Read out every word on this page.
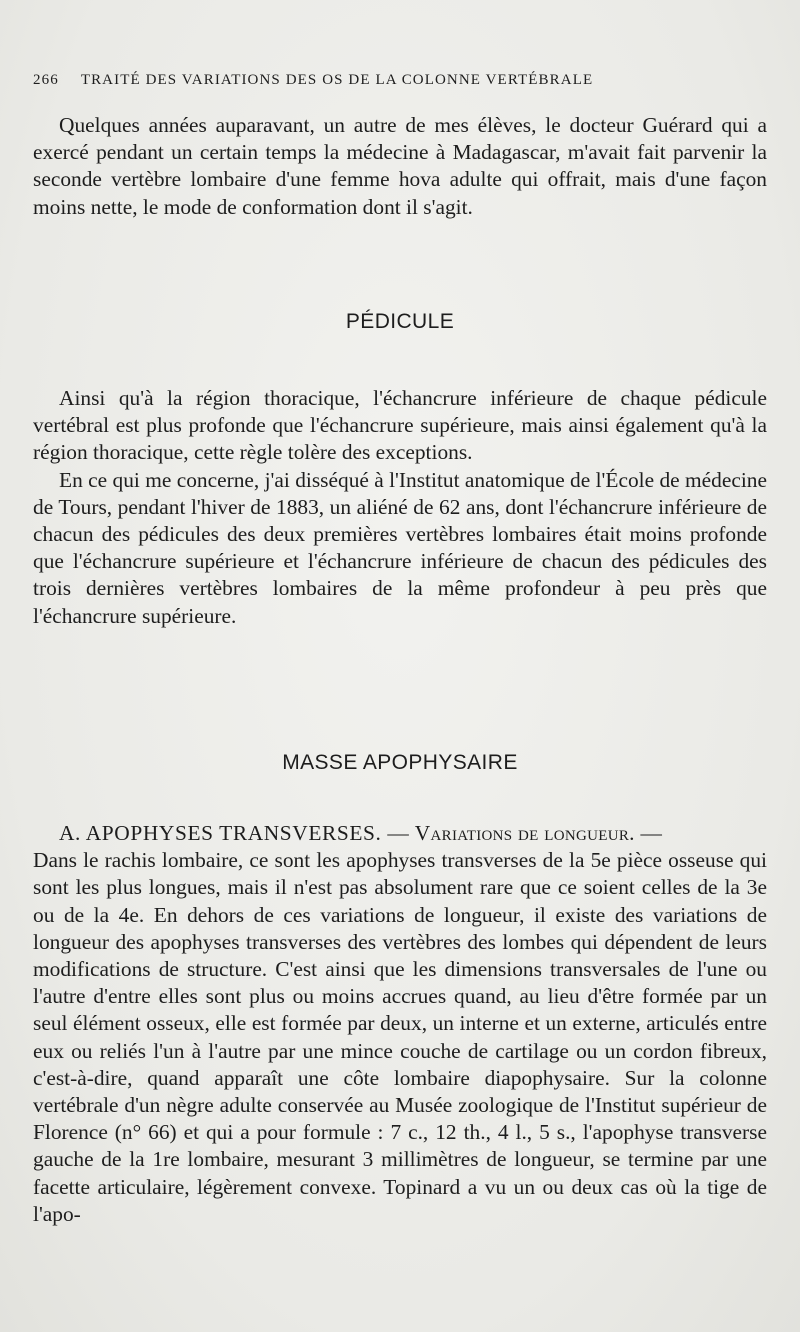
266 TRAITÉ DES VARIATIONS DES OS DE LA COLONNE VERTÉBRALE

Quelques années auparavant, un autre de mes élèves, le docteur Guérard qui a exercé pendant un certain temps la médecine à Madagascar, m'avait fait parvenir la seconde vertèbre lombaire d'une femme hova adulte qui offrait, mais d'une façon moins nette, le mode de conformation dont il s'agit.

PÉDICULE

Ainsi qu'à la région thoracique, l'échancrure inférieure de chaque pédicule vertébral est plus profonde que l'échancrure supérieure, mais ainsi également qu'à la région thoracique, cette règle tolère des exceptions.

En ce qui me concerne, j'ai disséqué à l'Institut anatomique de l'École de médecine de Tours, pendant l'hiver de 1883, un aliéné de 62 ans, dont l'échancrure inférieure de chacun des pédicules des deux premières vertèbres lombaires était moins profonde que l'échancrure supérieure et l'échancrure inférieure de chacun des pédicules des trois dernières vertèbres lombaires de la même profondeur à peu près que l'échancrure supérieure.

MASSE APOPHYSAIRE

A. APOPHYSES TRANSVERSES. — Variations de longueur. —

Dans le rachis lombaire, ce sont les apophyses transverses de la 5e pièce osseuse qui sont les plus longues, mais il n'est pas absolument rare que ce soient celles de la 3e ou de la 4e. En dehors de ces variations de longueur, il existe des variations de longueur des apophyses transverses des vertèbres des lombes qui dépendent de leurs modifications de structure. C'est ainsi que les dimensions transversales de l'une ou l'autre d'entre elles sont plus ou moins accrues quand, au lieu d'être formée par un seul élément osseux, elle est formée par deux, un interne et un externe, articulés entre eux ou reliés l'un à l'autre par une mince couche de cartilage ou un cordon fibreux, c'est-à-dire, quand apparaît une côte lombaire diapophysaire. Sur la colonne vertébrale d'un nègre adulte conservée au Musée zoologique de l'Institut supérieur de Florence (n° 66) et qui a pour formule : 7 c., 12 th., 4 l., 5 s., l'apophyse transverse gauche de la 1re lombaire, mesurant 3 millimètres de longueur, se termine par une facette articulaire, légèrement convexe. Topinard a vu un ou deux cas où la tige de l'apo-
